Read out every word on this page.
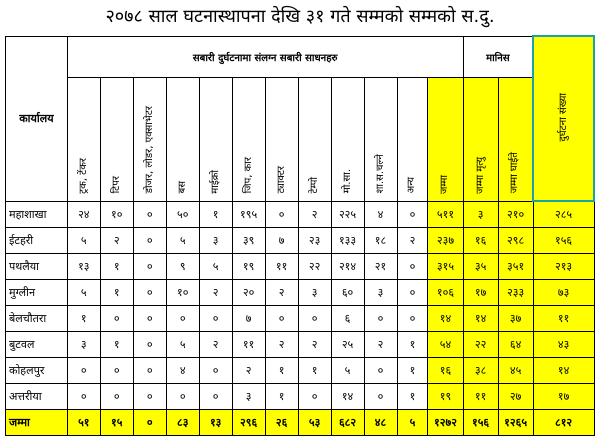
२०७८ साल घटनास्थापना देखि ३१ गते सम्मको सम्मको स.दु.
कार्यालय	सबारी दुर्घटनामा संलग्न सबारी साधनहरु												मानिस		दुर्घटना संख्या
	ट्रक, टेंकर	टिपर	डोजर, लोडर, एक्साभेटर	बस	माईक्रो	जिप, कार	ट्याक्टर	टेम्पो	मो.सा.	शा.स.चल्ने	अन्य	जम्मा	जम्मा मृत्यु	जम्मा घाईते	
महाशाखा	२४	१०	०	५०	१	१९५	०	२	२२५	४	०	५११	३	२१०	२८५
ईटहरी	५	२	०	५	३	३९	७	२३	१३३	१८	२	२३७	१६	२९८	१५६
पथलैया	१३	१	०	९	५	१९	११	२२	२१४	२१	०	३१५	३५	३५१	२१३
मुग्लीन	५	१	०	१०	२	२०	२	३	६०	३	०	१०६	१७	२३३	७३
बेलचौतरा	१	०	०	०	०	७	०	०	६	०	०	१४	१४	३७	११
बुटवल	३	१	०	५	२	११	२	२	२५	२	१	५४	२२	६४	४३
कोहलपुर	०	०	०	४	०	२	१	१	५	०	१	१६	३८	४५	१४
अत्तरीया	०	०	०	०	०	३	१	०	१४	०	१	१९	११	२७	१७
जम्मा	५१	१५	०	८३	१३	२९६	२६	५३	६८२	४८	५	१२७२	१५६	१२६५	८१२
